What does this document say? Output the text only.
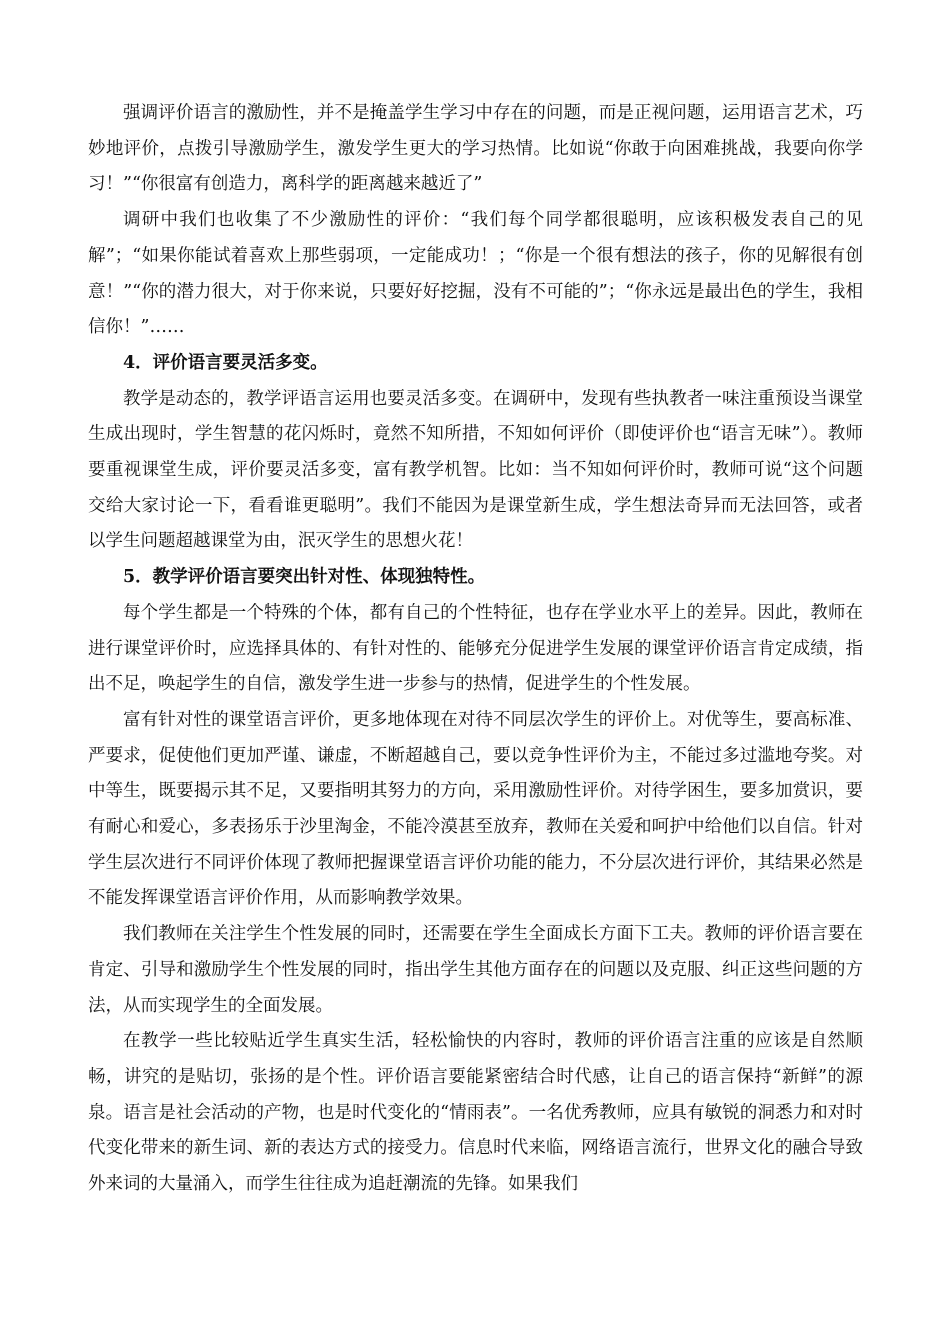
强调评价语言的激励性，并不是掩盖学生学习中存在的问题，而是正视问题，运用语言艺术，巧妙地评价，点拨引导激励学生，激发学生更大的学习热情。比如说“你敢于向困难挑战，我要向你学习！”“你很富有创造力，离科学的距离越来越近了”

调研中我们也收集了不少激励性的评价：“我们每个同学都很聪明，应该积极发表自己的见解”；“如果你能试着喜欢上那些弱项，一定能成功！；“你是一个很有想法的孩子，你的见解很有创意！”“你的潜力很大，对于你来说，只要好好挖掘，没有不可能的”；“你永远是最出色的学生，我相信你！”……

4．评价语言要灵活多变。

教学是动态的，教学评语言运用也要灵活多变。在调研中，发现有些执教者一味注重预设当课堂生成出现时，学生智慧的花闪烁时，竟然不知所措，不知如何评价（即使评价也“语言无味”）。教师要重视课堂生成，评价要灵活多变，富有教学机智。比如：当不知如何评价时，教师可说“这个问题交给大家讨论一下，看看谁更聪明”。我们不能因为是课堂新生成，学生想法奇异而无法回答，或者以学生问题超越课堂为由，泯灭学生的思想火花！

5．教学评价语言要突出针对性、体现独特性。

每个学生都是一个特殊的个体，都有自己的个性特征，也存在学业水平上的差异。因此，教师在进行课堂评价时，应选择具体的、有针对性的、能够充分促进学生发展的课堂评价语言肯定成绩，指出不足，唤起学生的自信，激发学生进一步参与的热情，促进学生的个性发展。

富有针对性的课堂语言评价，更多地体现在对待不同层次学生的评价上。对优等生，要高标准、严要求，促使他们更加严谨、谦虚，不断超越自己，要以竞争性评价为主，不能过多过滥地夸奖。对中等生，既要揭示其不足，又要指明其努力的方向，采用激励性评价。对待学困生，要多加赏识，要有耐心和爱心，多表扬乐于沙里淘金，不能冷漠甚至放弃，教师在关爱和呵护中给他们以自信。针对学生层次进行不同评价体现了教师把握课堂语言评价功能的能力，不分层次进行评价，其结果必然是不能发挥课堂语言评价作用，从而影响教学效果。

我们教师在关注学生个性发展的同时，还需要在学生全面成长方面下工夫。教师的评价语言要在肯定、引导和激励学生个性发展的同时，指出学生其他方面存在的问题以及克服、纠正这些问题的方法，从而实现学生的全面发展。

在教学一些比较贴近学生真实生活，轻松愉快的内容时，教师的评价语言注重的应该是自然顺畅，讲究的是贴切，张扬的是个性。评价语言要能紧密结合时代感，让自己的语言保持“新鲜”的源泉。语言是社会活动的产物，也是时代变化的“情雨表”。一名优秀教师，应具有敏锐的洞悉力和对时代变化带来的新生词、新的表达方式的接受力。信息时代来临，网络语言流行，世界文化的融合导致外来词的大量涌入，而学生往往成为追赶潮流的先锋。如果我们
